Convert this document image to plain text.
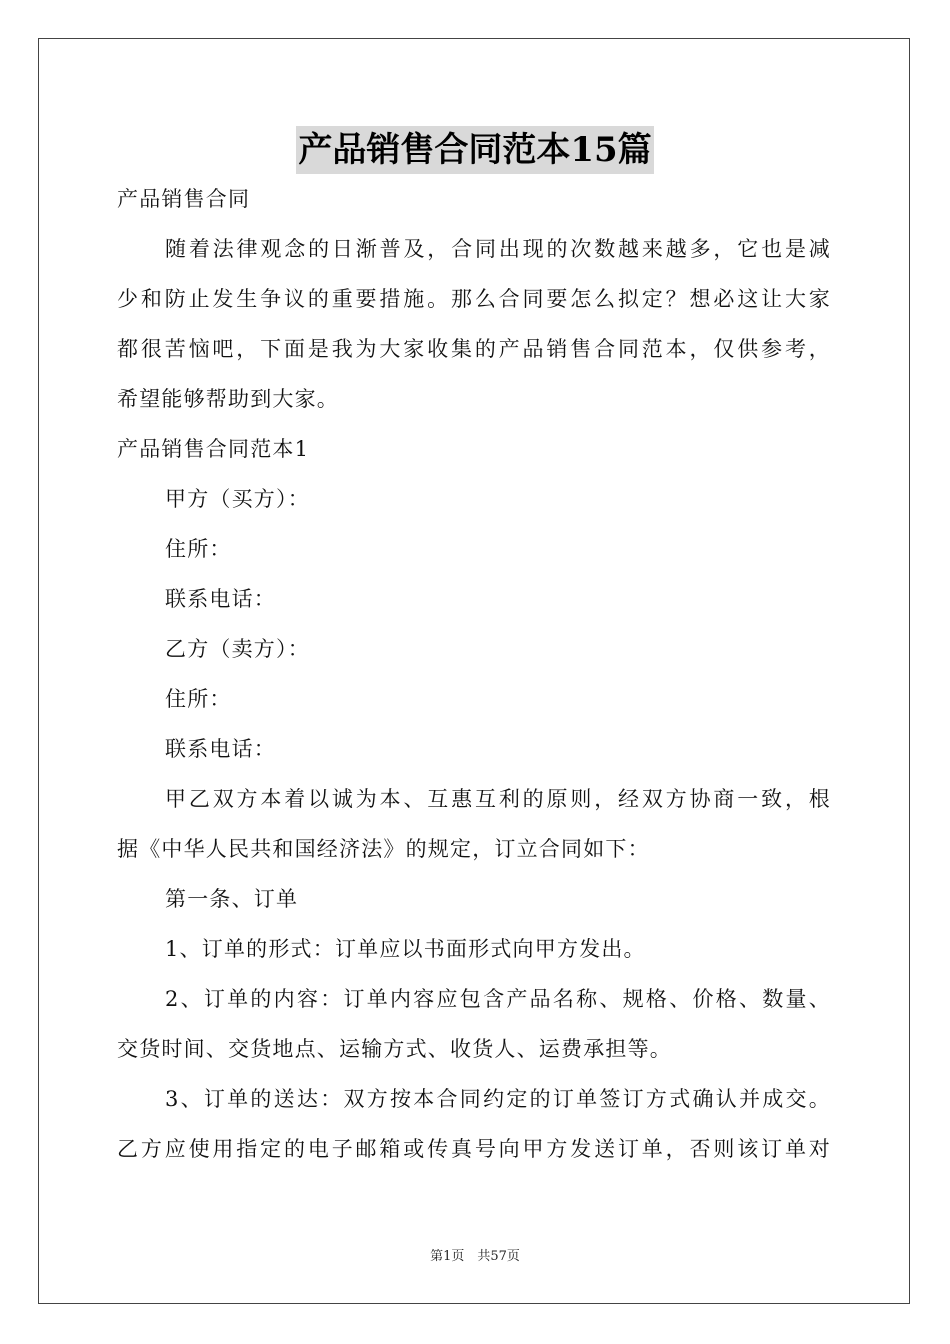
产品销售合同范本15篇
产品销售合同
随着法律观念的日渐普及，合同出现的次数越来越多，它也是减
少和防止发生争议的重要措施。那么合同要怎么拟定？想必这让大家
都很苦恼吧，下面是我为大家收集的产品销售合同范本，仅供参考，
希望能够帮助到大家。
产品销售合同范本1
甲方（买方）：
住所：
联系电话：
乙方（卖方）：
住所：
联系电话：
甲乙双方本着以诚为本、互惠互利的原则，经双方协商一致，根
据《中华人民共和国经济法》的规定，订立合同如下：
第一条、订单
1、订单的形式：订单应以书面形式向甲方发出。
2、订单的内容：订单内容应包含产品名称、规格、价格、数量、
交货时间、交货地点、运输方式、收货人、运费承担等。
3、订单的送达：双方按本合同约定的订单签订方式确认并成交。
乙方应使用指定的电子邮箱或传真号向甲方发送订单，否则该订单对
第1页　共57页
